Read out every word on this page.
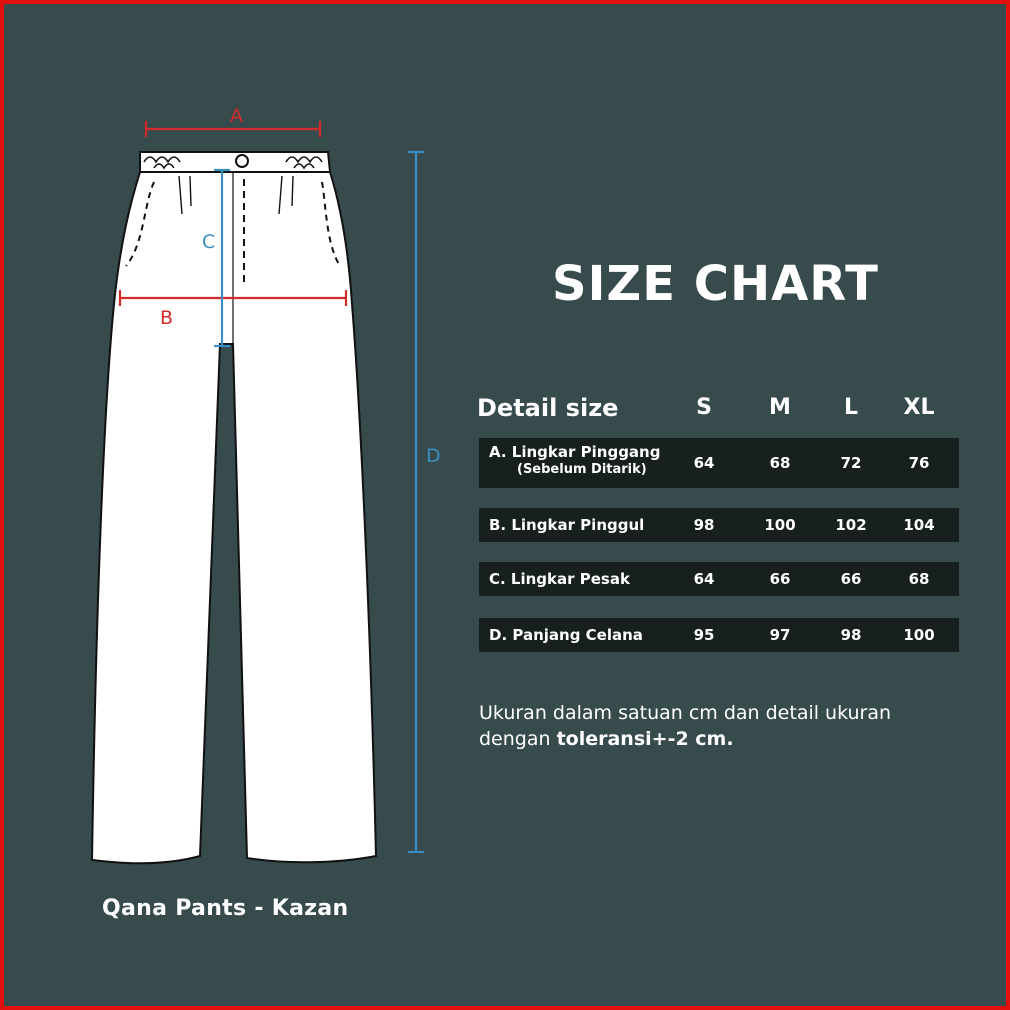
A
B
C
D
Qana Pants - Kazan
SIZE CHART
Detail size	S	M	L	XL
A. Lingkar Pinggang
(Sebelum Ditarik)	64	68	72	76
B. Lingkar Pinggul	98	100	102	104
C. Lingkar Pesak	64	66	66	68
D. Panjang Celana	95	97	98	100
Ukuran dalam satuan cm dan detail ukuran
dengan toleransi+-2 cm.
